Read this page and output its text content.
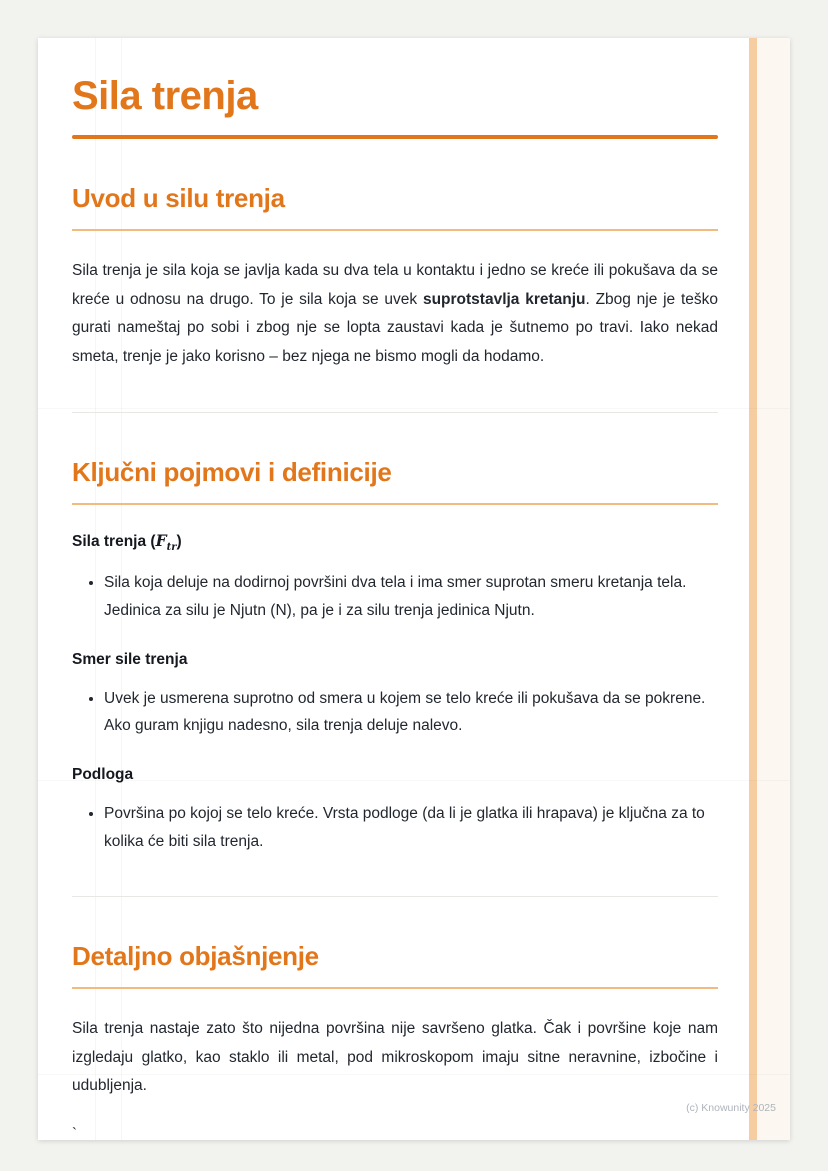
Sila trenja
Uvod u silu trenja

Sila trenja je sila koja se javlja kada su dva tela u kontaktu i jedno se kreće ili pokušava da se kreće u odnosu na drugo. To je sila koja se uvek suprotstavlja kretanju. Zbog nje je teško gurati nameštaj po sobi i zbog nje se lopta zaustavi kada je šutnemo po travi. Iako nekad smeta, trenje je jako korisno – bez njega ne bismo mogli da hodamo.

Ključni pojmovi i definicije
Sila trenja $(F_{tr})$
• Sila koja deluje na dodirnoj površini dva tela i ima smer suprotan smeru kretanja tela. Jedinica za silu je Njutn (N), pa je i za silu trenja jedinica Njutn.
Smer sile trenja
• Uvek je usmerena suprotno od smera u kojem se telo kreće ili pokušava da se pokrene. Ako guram knjigu nadesno, sila trenja deluje nalevo.
Podloga
• Površina po kojoj se telo kreće. Vrsta podloge (da li je glatka ili hrapava) je ključna za to kolika će biti sila trenja.
Detaljno objašnjenje

Sila trenja nastaje zato što nijedna površina nije savršeno glatka. Čak i površine koje nam izgledaju glatko, kao staklo ili metal, pod mikroskopom imaju sitne neravnine, izbočine i udubljenja.

`

(c) Knowunity 2025
